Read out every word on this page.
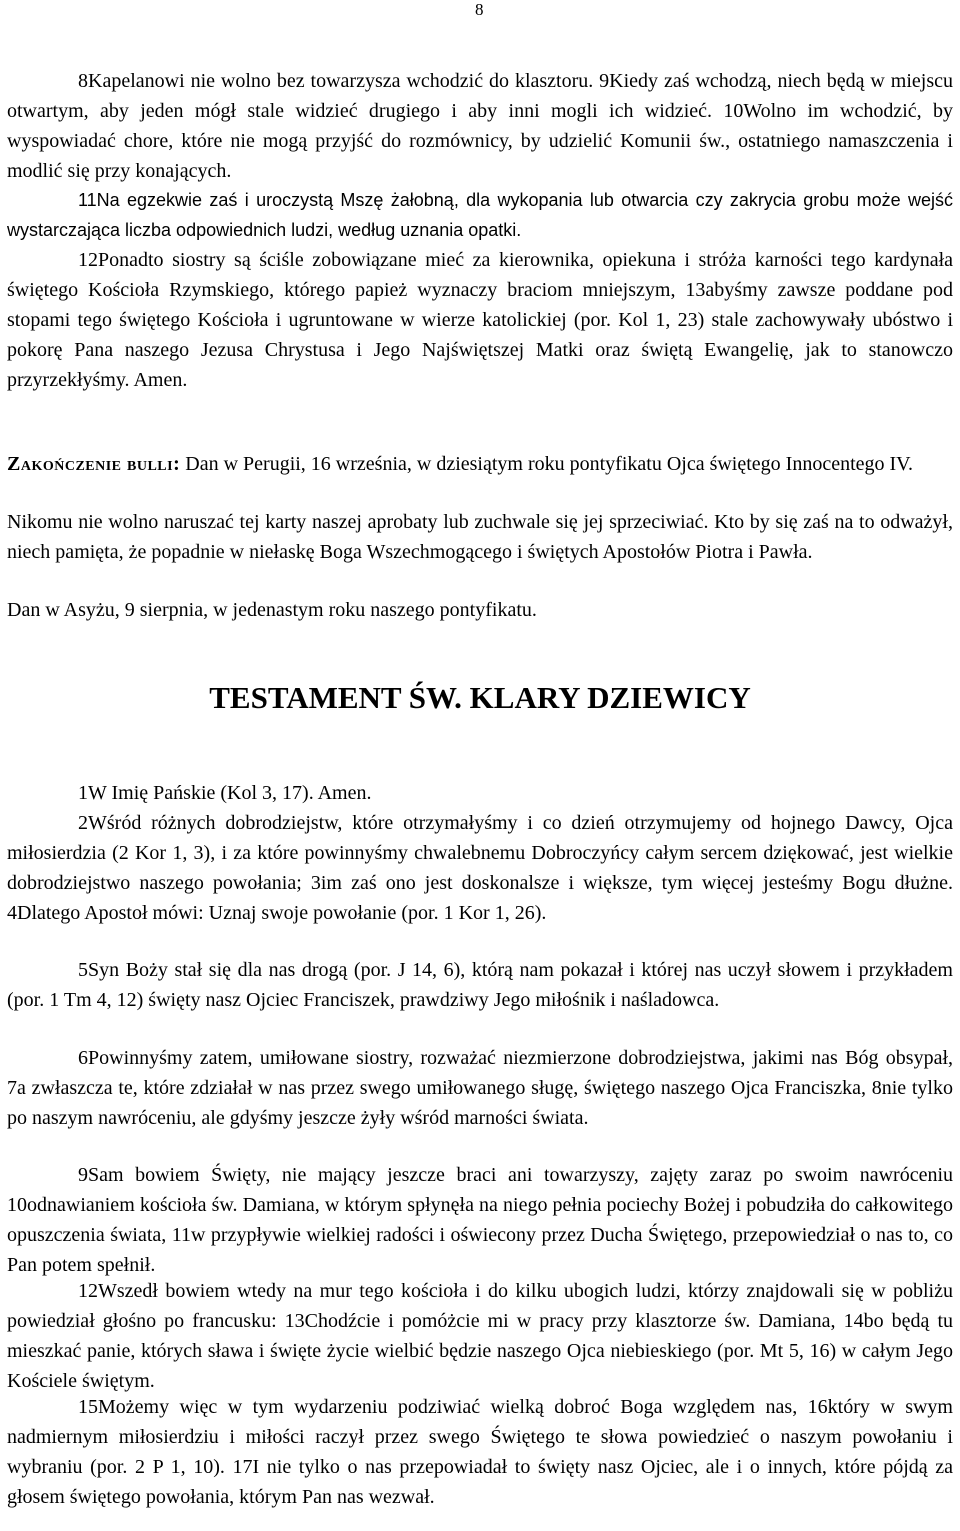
8

8Kapelanowi nie wolno bez towarzysza wchodzić do klasztoru. 9Kiedy zaś wchodzą, niech będą w miejscu otwartym, aby jeden mógł stale widzieć drugiego i aby inni mogli ich widzieć. 10Wolno im wchodzić, by wyspowiadać chore, które nie mogą przyjść do rozmównicy, by udzielić Komunii św., ostatniego namaszczenia i modlić się przy konających.

11Na egzekwie zaś i uroczystą Mszę żałobną, dla wykopania lub otwarcia czy zakrycia grobu może wejść wystarczająca liczba odpowiednich ludzi, według uznania opatki.

12Ponadto siostry są ściśle zobowiązane mieć za kierownika, opiekuna i stróża karności tego kardynała świętego Kościoła Rzymskiego, którego papież wyznaczy braciom mniejszym, 13abyśmy zawsze poddane pod stopami tego świętego Kościoła i ugruntowane w wierze katolickiej (por. Kol 1, 23) stale zachowywały ubóstwo i pokorę Pana naszego Jezusa Chrystusa i Jego Najświętszej Matki oraz świętą Ewangelię, jak to stanowczo przyrzekłyśmy. Amen.

Zakończenie bulli: Dan w Perugii, 16 września, w dziesiątym roku pontyfikatu Ojca świętego Innocentego IV.

Nikomu nie wolno naruszać tej karty naszej aprobaty lub zuchwale się jej sprzeciwiać. Kto by się zaś na to odważył, niech pamięta, że popadnie w niełaskę Boga Wszechmogącego i świętych Apostołów Piotra i Pawła.

Dan w Asyżu, 9 sierpnia, w jedenastym roku naszego pontyfikatu.

TESTAMENT ŚW. KLARY DZIEWICY

1W Imię Pańskie (Kol 3, 17). Amen.

2Wśród różnych dobrodziejstw, które otrzymałyśmy i co dzień otrzymujemy od hojnego Dawcy, Ojca miłosierdzia (2 Kor 1, 3), i za które powinnyśmy chwalebnemu Dobroczyńcy całym sercem dziękować, jest wielkie dobrodziejstwo naszego powołania; 3im zaś ono jest doskonalsze i większe, tym więcej jesteśmy Bogu dłużne. 4Dlatego Apostoł mówi: Uznaj swoje powołanie (por. 1 Kor 1, 26).

5Syn Boży stał się dla nas drogą (por. J 14, 6), którą nam pokazał i której nas uczył słowem i przykładem (por. 1 Tm 4, 12) święty nasz Ojciec Franciszek, prawdziwy Jego miłośnik i naśladowca.

6Powinnyśmy zatem, umiłowane siostry, rozważać niezmierzone dobrodziejstwa, jakimi nas Bóg obsypał, 7a zwłaszcza te, które zdziałał w nas przez swego umiłowanego sługę, świętego naszego Ojca Franciszka, 8nie tylko po naszym nawróceniu, ale gdyśmy jeszcze żyły wśród marności świata.

9Sam bowiem Święty, nie mający jeszcze braci ani towarzyszy, zajęty zaraz po swoim nawróceniu 10odnawianiem kościoła św. Damiana, w którym spłynęła na niego pełnia pociechy Bożej i pobudziła do całkowitego opuszczenia świata, 11w przypływie wielkiej radości i oświecony przez Ducha Świętego, przepowiedział o nas to, co Pan potem spełnił.

12Wszedł bowiem wtedy na mur tego kościoła i do kilku ubogich ludzi, którzy znajdowali się w pobliżu powiedział głośno po francusku: 13Chodźcie i pomóżcie mi w pracy przy klasztorze św. Damiana, 14bo będą tu mieszkać panie, których sława i święte życie wielbić będzie naszego Ojca niebieskiego (por. Mt 5, 16) w całym Jego Kościele świętym.

15Możemy więc w tym wydarzeniu podziwiać wielką dobroć Boga względem nas, 16który w swym nadmiernym miłosierdziu i miłości raczył przez swego Świętego te słowa powiedzieć o naszym powołaniu i wybraniu (por. 2 P 1, 10). 17I nie tylko o nas przepowiadał to święty nasz Ojciec, ale i o innych, które pójdą za głosem świętego powołania, którym Pan nas wezwał.
